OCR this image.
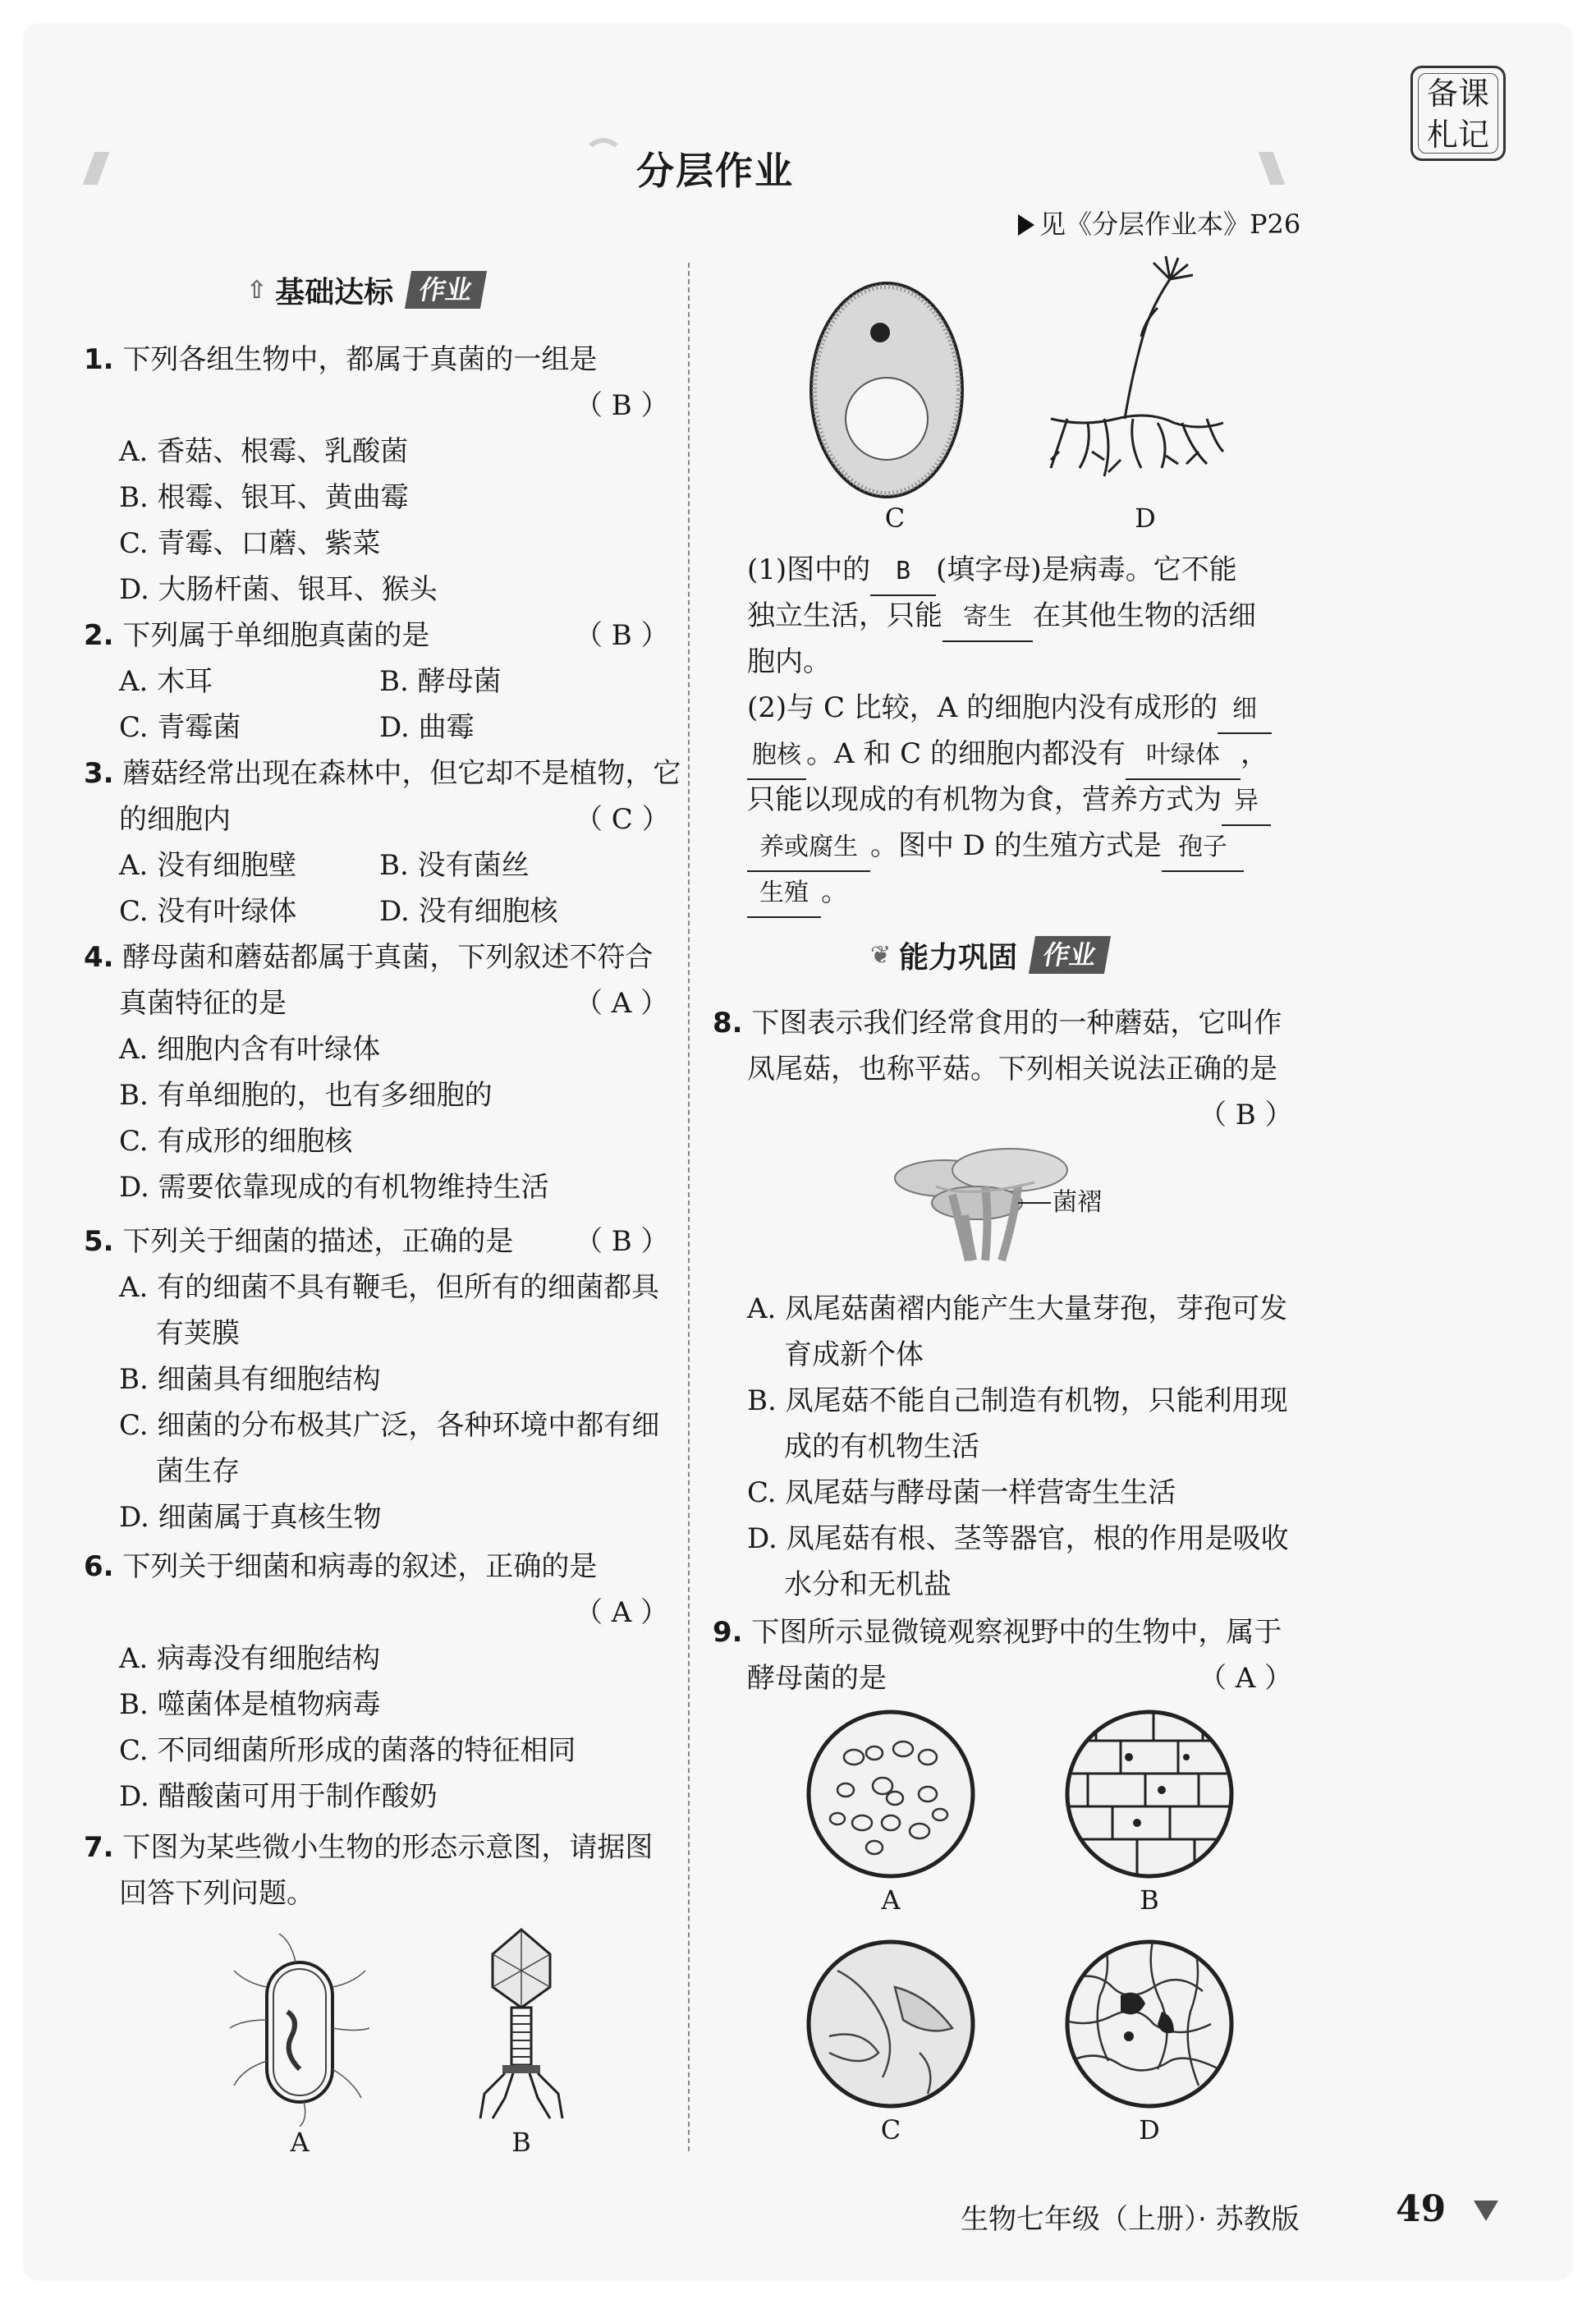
分层作业
备课
札记
见《分层作业本》P26
⇧ 基础达标 作业
1. 下列各组生物中，都属于真菌的一组是
（ B ）
A. 香菇、根霉、乳酸菌
B. 根霉、银耳、黄曲霉
C. 青霉、口蘑、紫菜
D. 大肠杆菌、银耳、猴头
2. 下列属于单细胞真菌的是	（ B ）
A. 木耳	B. 酵母菌
C. 青霉菌	D. 曲霉
3. 蘑菇经常出现在森林中，但它却不是植物，它
的细胞内	（ C ）
A. 没有细胞壁	B. 没有菌丝
C. 没有叶绿体	D. 没有细胞核
4. 酵母菌和蘑菇都属于真菌，下列叙述不符合
真菌特征的是	（ A ）
A. 细胞内含有叶绿体
B. 有单细胞的，也有多细胞的
C. 有成形的细胞核
D. 需要依靠现成的有机物维持生活
5. 下列关于细菌的描述，正确的是 （ B ）
A. 有的细菌不具有鞭毛，但所有的细菌都具
有荚膜
B. 细菌具有细胞结构
C. 细菌的分布极其广泛，各种环境中都有细
菌生存
D. 细菌属于真核生物
6. 下列关于细菌和病毒的叙述，正确的是
（ A ）
A. 病毒没有细胞结构
B. 噬菌体是植物病毒
C. 不同细菌所形成的菌落的特征相同
D. 醋酸菌可用于制作酸奶
7. 下图为某些微小生物的形态示意图，请据图
回答下列问题。
A	B
C	D
(1)图中的 B (填字母)是病毒。它不能
独立生活，只能 寄生 在其他生物的活细
胞内。
(2)与 C 比较，A 的细胞内没有成形的 细
胞核 。A 和 C 的细胞内都没有 叶绿体 ，
只能以现成的有机物为食，营养方式为 异
养或腐生 。图中 D 的生殖方式是 孢子
生殖 。
❦ 能力巩固 作业
8. 下图表示我们经常食用的一种蘑菇，它叫作
凤尾菇，也称平菇。下列相关说法正确的是
（ B ）
菌褶
A. 凤尾菇菌褶内能产生大量芽孢，芽孢可发
育成新个体
B. 凤尾菇不能自己制造有机物，只能利用现
成的有机物生活
C. 凤尾菇与酵母菌一样营寄生生活
D. 凤尾菇有根、茎等器官，根的作用是吸收
水分和无机盐
9. 下图所示显微镜观察视野中的生物中，属于
酵母菌的是	（ A ）
A	B
C	D
生物七年级（上册）· 苏教版	49
